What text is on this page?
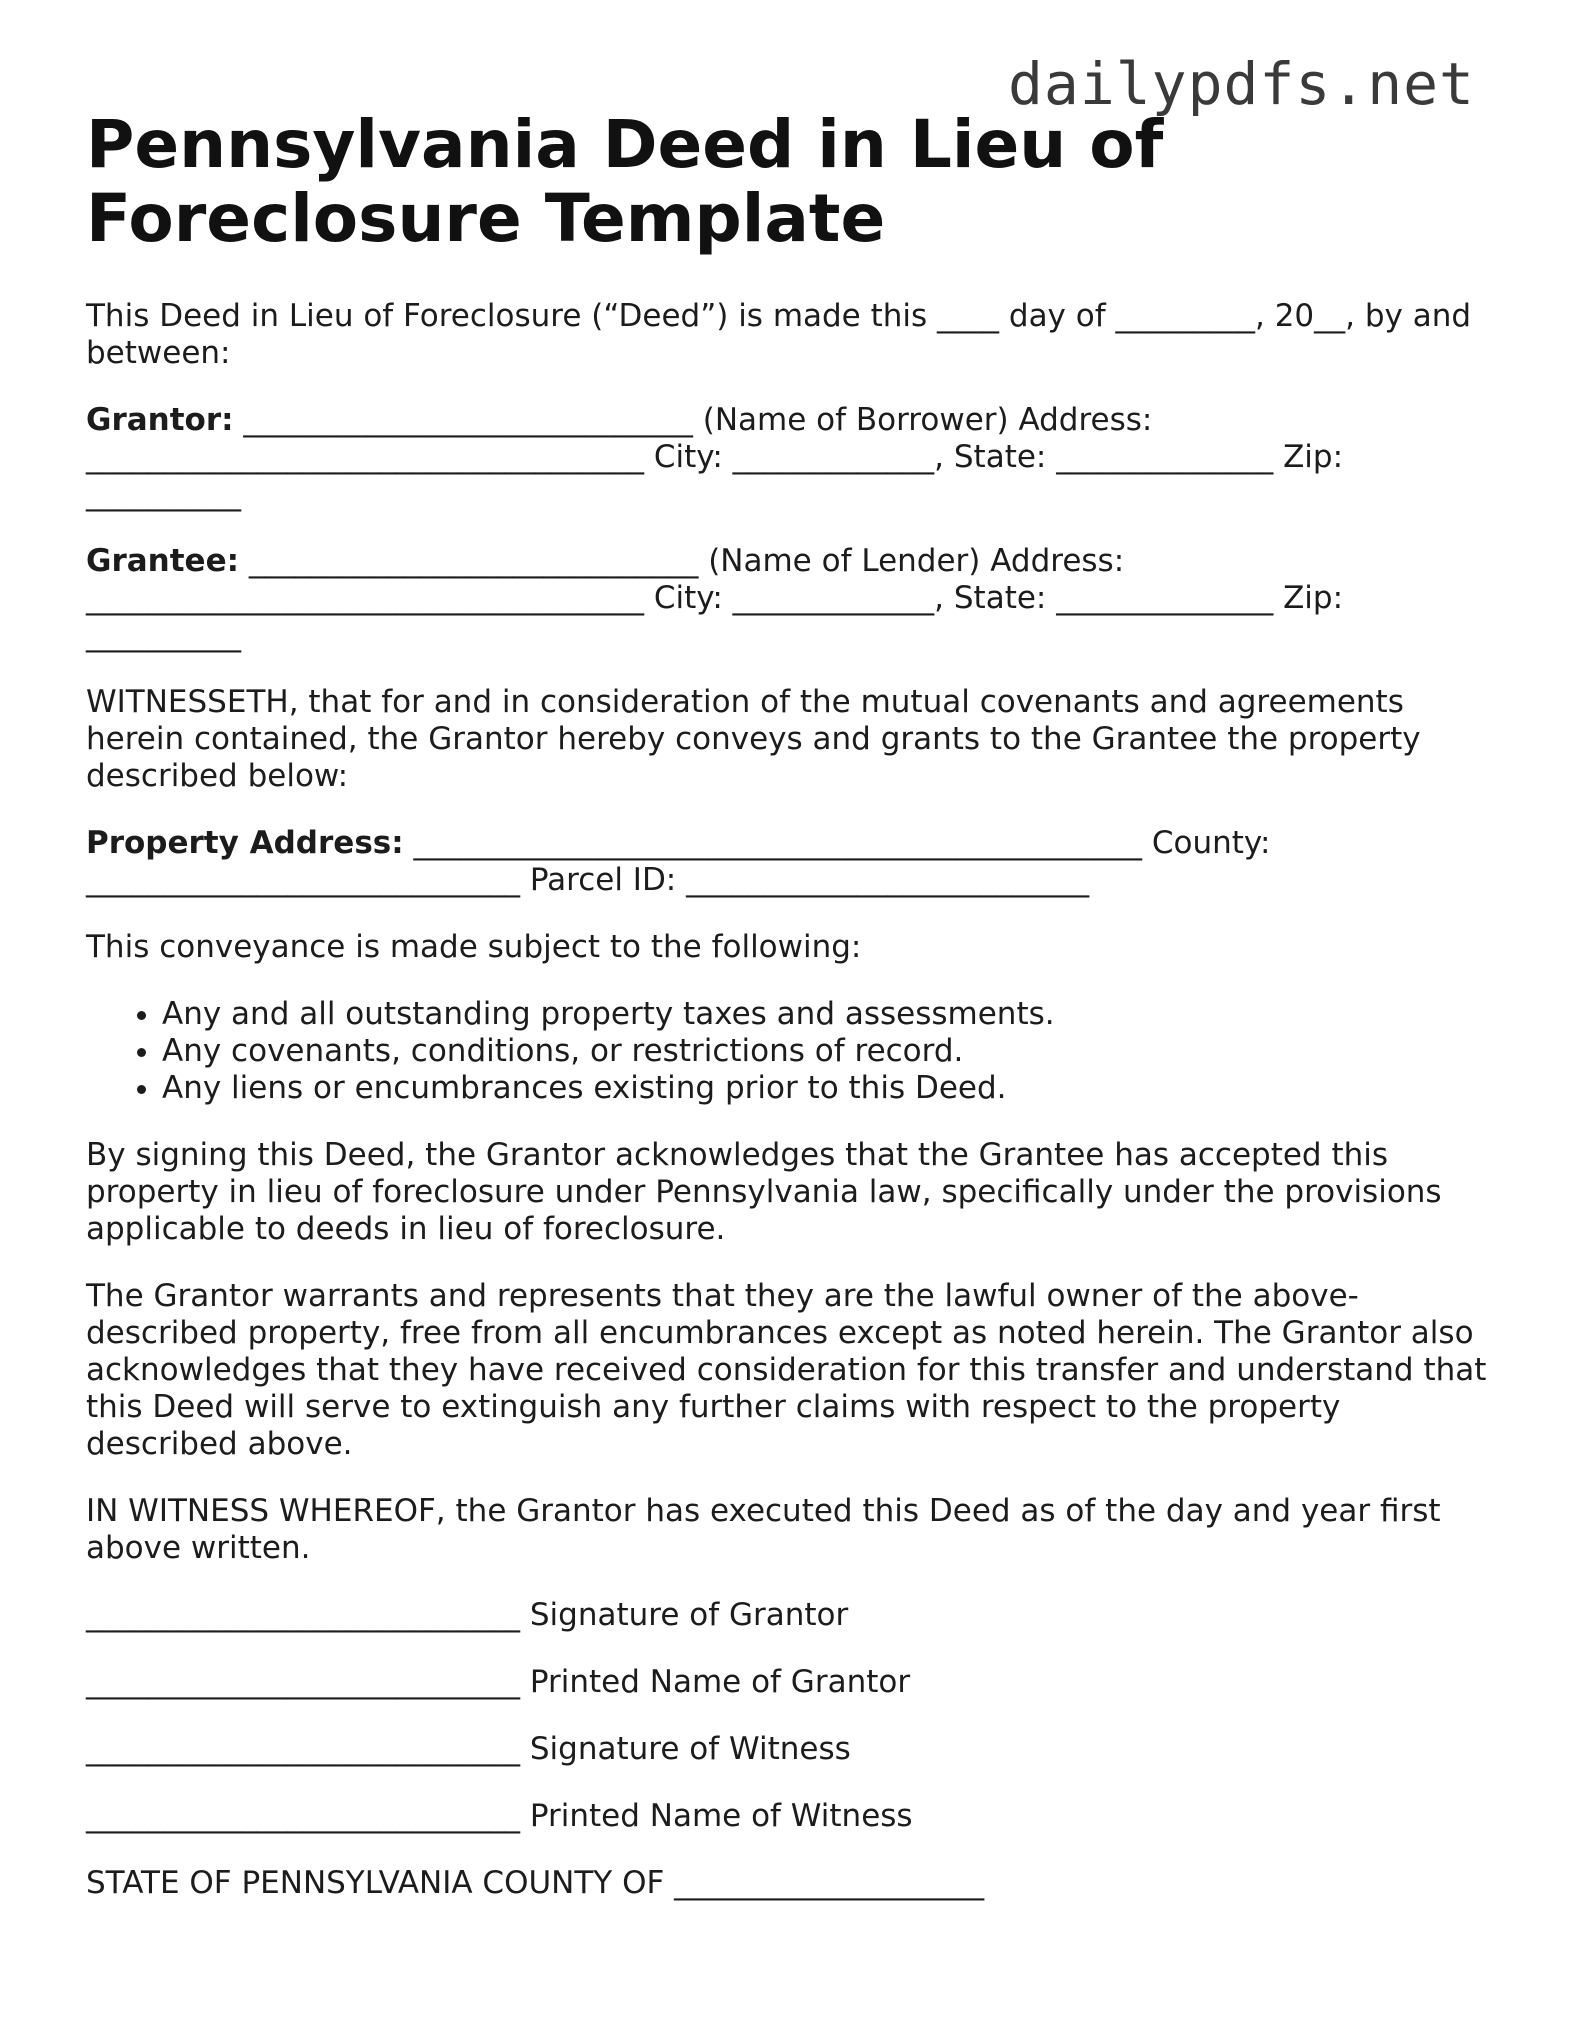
dailypdfs.net
Pennsylvania Deed in Lieu of Foreclosure Template

This Deed in Lieu of Foreclosure (“Deed”) is made this ____ day of _________, 20__, by and between:

Grantor: _____________________________ (Name of Borrower) Address:
____________________________________ City: _____________, State: ______________ Zip:
__________

Grantee: _____________________________ (Name of Lender) Address:
____________________________________ City: _____________, State: ______________ Zip:
__________

WITNESSETH, that for and in consideration of the mutual covenants and agreements herein contained, the Grantor hereby conveys and grants to the Grantee the property described below:

Property Address: _______________________________________________ County:
____________________________ Parcel ID: __________________________

This conveyance is made subject to the following:

• Any and all outstanding property taxes and assessments.
• Any covenants, conditions, or restrictions of record.
• Any liens or encumbrances existing prior to this Deed.

By signing this Deed, the Grantor acknowledges that the Grantee has accepted this property in lieu of foreclosure under Pennsylvania law, specifically under the provisions applicable to deeds in lieu of foreclosure.

The Grantor warrants and represents that they are the lawful owner of the above-described property, free from all encumbrances except as noted herein. The Grantor also acknowledges that they have received consideration for this transfer and understand that this Deed will serve to extinguish any further claims with respect to the property described above.

IN WITNESS WHEREOF, the Grantor has executed this Deed as of the day and year first above written.

____________________________ Signature of Grantor
____________________________ Printed Name of Grantor
____________________________ Signature of Witness
____________________________ Printed Name of Witness
STATE OF PENNSYLVANIA COUNTY OF ____________________
